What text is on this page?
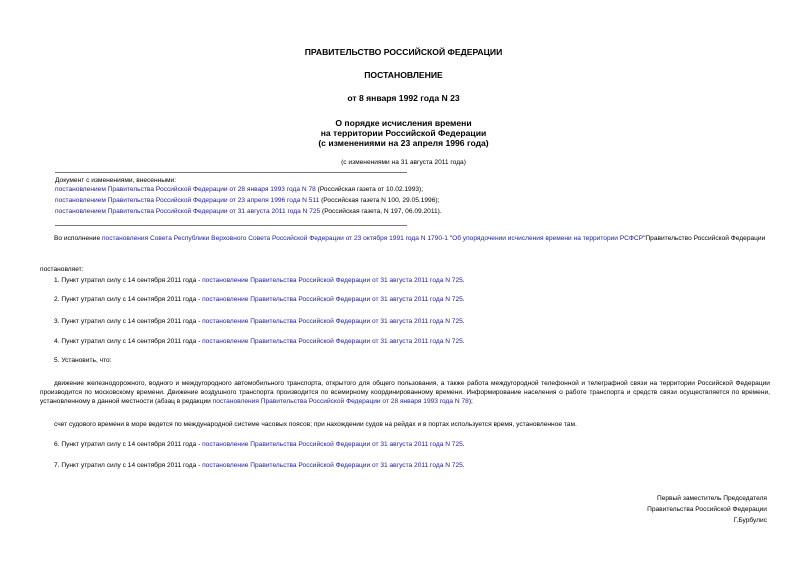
ПРАВИТЕЛЬСТВО РОССИЙСКОЙ ФЕДЕРАЦИИ
ПОСТАНОВЛЕНИЕ
от 8 января 1992 года N 23
О порядке исчисления времени
на территории Российской Федерации
(с изменениями на 23 апреля 1996 года)
(с изменениями на 31 августа 2011 года)
Документ с изменениями, внесенными:
постановлением Правительства Российской Федерации от 28 января 1993 года N 78 (Российская газета от 10.02.1993);
постановлением Правительства Российской Федерации от 23 апреля 1996 года N 511 (Российская газета N 100, 29.05.1996);
постановлением Правительства Российской Федерации от 31 августа 2011 года N 725 (Российская газета, N 197, 06.09.2011).
Во исполнение постановления Совета Республики Верховного Совета Российской Федерации от 23 октября 1991 года N 1790-1 "Об упорядочении исчисления времени на территории РСФСР"Правительство Российской Федерации
постановляет:
1. Пункт утратил силу с 14 сентября 2011 года - постановление Правительства Российской Федерации от 31 августа 2011 года N 725.
2. Пункт утратил силу с 14 сентября 2011 года - постановление Правительства Российской Федерации от 31 августа 2011 года N 725.
3. Пункт утратил силу с 14 сентября 2011 года - постановление Правительства Российской Федерации от 31 августа 2011 года N 725.
4. Пункт утратил силу с 14 сентября 2011 года - постановление Правительства Российской Федерации от 31 августа 2011 года N 725.
5. Установить, что:
движение железнодорожного, водного и междугородного автомобильного транспорта, открытого для общего пользования, а также работа междугородной телефонной и телеграфной связи на территории Российской Федерации производится по московскому времени. Движение воздушного транспорта производится по всемирному координированному времени. Информирование населения о работе транспорта и средств связи осуществляется по времени, установленному в данной местности (абзац в редакции постановления Правительства Российской Федерации от 28 января 1993 года N 78);
счет судового времени в море ведется по международной системе часовых поясов; при нахождении судов на рейдах и в портах используется время, установленное там.
6. Пункт утратил силу с 14 сентября 2011 года - постановление Правительства Российской Федерации от 31 августа 2011 года N 725.
7. Пункт утратил силу с 14 сентября 2011 года - постановление Правительства Российской Федерации от 31 августа 2011 года N 725.
Первый заместитель Председателя
Правительства Российской Федерации
Г.Бурбулис
